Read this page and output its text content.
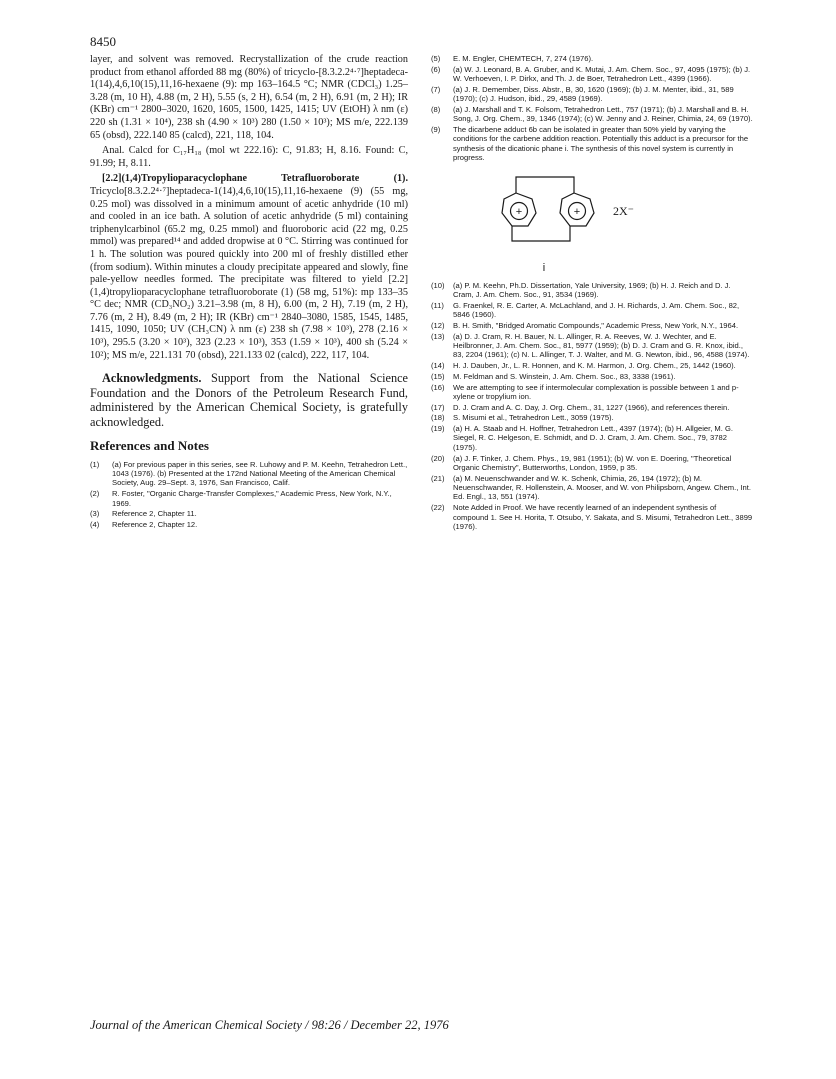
8450

layer, and solvent was removed. Recrystallization of the crude reaction product from ethanol afforded 88 mg (80%) of tricyclo-[8.3.2.2⁴·⁷]heptadeca-1(14),4,6,10(15),11,16-hexaene (9): mp 163–164.5 °C; NMR (CDCl₃) 1.25–3.28 (m, 10 H), 4.88 (m, 2 H), 5.55 (s, 2 H), 6.54 (m, 2 H), 6.91 (m, 2 H); IR (KBr) cm⁻¹ 2800–3020, 1620, 1605, 1500, 1425, 1415; UV (EtOH) λ nm (ε) 220 sh (1.31 × 10⁴), 238 sh (4.90 × 10³) 280 (1.50 × 10³); MS m/e, 222.139 65 (obsd), 222.140 85 (calcd), 221, 118, 104.

Anal. Calcd for C₁₇H₁₈ (mol wt 222.16): C, 91.83; H, 8.16. Found: C, 91.99; H, 8.11.

[2.2](1,4)Tropylioparacyclophane Tetrafluoroborate (1). Tricyclo[8.3.2.2⁴·⁷]heptadeca-1(14),4,6,10(15),11,16-hexaene (9) (55 mg, 0.25 mol) was dissolved in a minimum amount of acetic anhydride (10 ml) and cooled in an ice bath. A solution of acetic anhydride (5 ml) containing triphenylcarbinol (65.2 mg, 0.25 mmol) and fluoroboric acid (22 mg, 0.25 mmol) was prepared¹⁴ and added dropwise at 0 °C. Stirring was continued for 1 h. The solution was poured quickly into 200 ml of freshly distilled ether (from sodium). Within minutes a cloudy precipitate appeared and slowly, fine pale-yellow needles formed. The precipitate was filtered to yield [2.2](1,4)tropylioparacyclophane tetrafluoroborate (1) (58 mg, 51%): mp 133–35 °C dec; NMR (CD₃NO₂) 3.21–3.98 (m, 8 H), 6.00 (m, 2 H), 7.19 (m, 2 H), 7.76 (m, 2 H), 8.49 (m, 2 H); IR (KBr) cm⁻¹ 2840–3080, 1585, 1545, 1485, 1415, 1090, 1050; UV (CH₃CN) λ nm (ε) 238 sh (7.98 × 10³), 278 (2.16 × 10³), 295.5 (3.20 × 10³), 323 (2.23 × 10³), 353 (1.59 × 10³), 400 sh (5.24 × 10²); MS m/e, 221.131 70 (obsd), 221.133 02 (calcd), 222, 117, 104.

Acknowledgments. Support from the National Science Foundation and the Donors of the Petroleum Research Fund, administered by the American Chemical Society, is gratefully acknowledged.

References and Notes
(1)	(a) For previous paper in this series, see R. Luhowy and P. M. Keehn, Tetrahedron Lett., 1043 (1976). (b) Presented at the 172nd National Meeting of the American Chemical Society, Aug. 29–Sept. 3, 1976, San Francisco, Calif.
(2)	R. Foster, "Organic Charge-Transfer Complexes," Academic Press, New York, N.Y., 1969.
(3)	Reference 2, Chapter 11.
(4)	Reference 2, Chapter 12.
(5)	E. M. Engler, CHEMTECH, 7, 274 (1976).
(6)	(a) W. J. Leonard, B. A. Gruber, and K. Mutai, J. Am. Chem. Soc., 97, 4095 (1975); (b) J. W. Verhoeven, I. P. Dirkx, and Th. J. de Boer, Tetrahedron Lett., 4399 (1966).
(7)	(a) J. R. Demember, Diss. Abstr., B, 30, 1620 (1969); (b) J. M. Menter, ibid., 31, 589 (1970); (c) J. Hudson, ibid., 29, 4589 (1969).
(8)	(a) J. Marshall and T. K. Folsom, Tetrahedron Lett., 757 (1971); (b) J. Marshall and B. H. Song, J. Org. Chem., 39, 1346 (1974); (c) W. Jenny and J. Reiner, Chimia, 24, 69 (1970).
(9)	The dicarbene adduct 6b can be isolated in greater than 50% yield by varying the conditions for the carbene addition reaction. Potentially this adduct is a precursor for the synthesis of the dicationic phane i. The synthesis of this novel system is currently in progress.
+	+	2X⁻
i
(10)	(a) P. M. Keehn, Ph.D. Dissertation, Yale University, 1969; (b) H. J. Reich and D. J. Cram, J. Am. Chem. Soc., 91, 3534 (1969).
(11)	G. Fraenkel, R. E. Carter, A. McLachland, and J. H. Richards, J. Am. Chem. Soc., 82, 5846 (1960).
(12)	B. H. Smith, "Bridged Aromatic Compounds," Academic Press, New York, N.Y., 1964.
(13)	(a) D. J. Cram, R. H. Bauer, N. L. Allinger, R. A. Reeves, W. J. Wechter, and E. Heilbronner, J. Am. Chem. Soc., 81, 5977 (1959); (b) D. J. Cram and G. R. Knox, ibid., 83, 2204 (1961); (c) N. L. Allinger, T. J. Walter, and M. G. Newton, ibid., 96, 4588 (1974).
(14)	H. J. Dauben, Jr., L. R. Honnen, and K. M. Harmon, J. Org. Chem., 25, 1442 (1960).
(15)	M. Feldman and S. Winstein, J. Am. Chem. Soc., 83, 3338 (1961).
(16)	We are attempting to see if intermolecular complexation is possible between 1 and p-xylene or tropylium ion.
(17)	D. J. Cram and A. C. Day, J. Org. Chem., 31, 1227 (1966), and references therein.
(18)	S. Misumi et al., Tetrahedron Lett., 3059 (1975).
(19)	(a) H. A. Staab and H. Hoffner, Tetrahedron Lett., 4397 (1974); (b) H. Allgeier, M. G. Siegel, R. C. Helgeson, E. Schmidt, and D. J. Cram, J. Am. Chem. Soc., 79, 3782 (1975).
(20)	(a) J. F. Tinker, J. Chem. Phys., 19, 981 (1951); (b) W. von E. Doering, "Theoretical Organic Chemistry", Butterworths, London, 1959, p 35.
(21)	(a) M. Neuenschwander and W. K. Schenk, Chimia, 26, 194 (1972); (b) M. Neuenschwander, R. Hollenstein, A. Mooser, and W. von Philipsborn, Angew. Chem., Int. Ed. Engl., 13, 551 (1974).
(22)	Note Added in Proof. We have recently learned of an independent synthesis of compound 1. See H. Horita, T. Otsubo, Y. Sakata, and S. Misumi, Tetrahedron Lett., 3899 (1976).
Journal of the American Chemical Society / 98:26 / December 22, 1976
